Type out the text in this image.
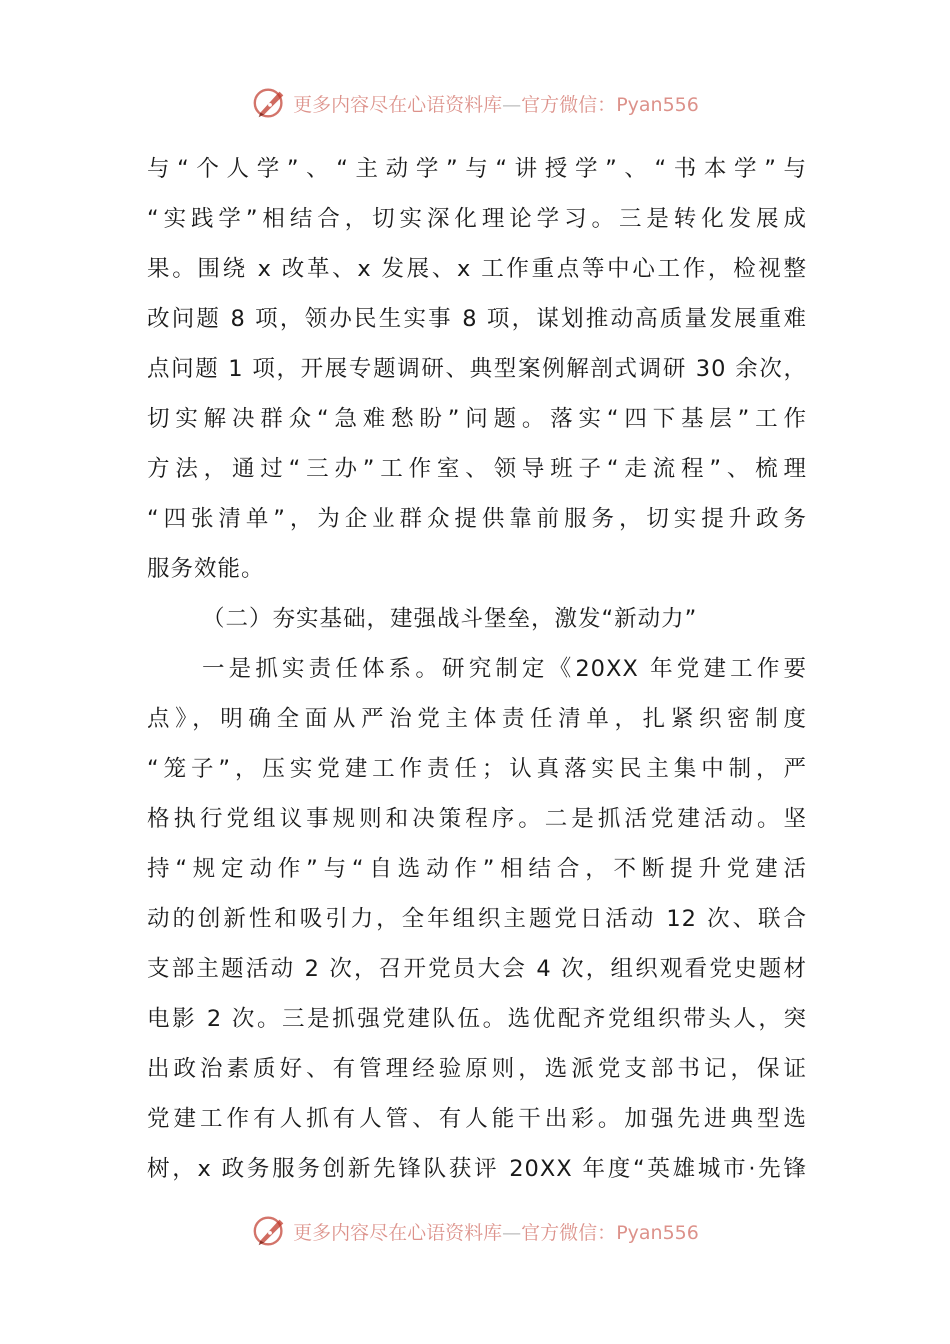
更多内容尽在心语资料库—官方微信：Pyan556
与“个人学”、“主动学”与“讲授学”、“书本学”与
“实践学”相结合，切实深化理论学习。三是转化发展成
果。围绕 x 改革、x 发展、x 工作重点等中心工作，检视整
改问题 8 项，领办民生实事 8 项，谋划推动高质量发展重难
点问题 1 项，开展专题调研、典型案例解剖式调研 30 余次，
切实解决群众“急难愁盼”问题。落实“四下基层”工作
方法，通过“三办”工作室、领导班子“走流程”、梳理
“四张清单”，为企业群众提供靠前服务，切实提升政务
服务效能。
（二）夯实基础，建强战斗堡垒，激发“新动力”
一是抓实责任体系。研究制定《20XX 年党建工作要
点》，明确全面从严治党主体责任清单，扎紧织密制度
“笼子”，压实党建工作责任；认真落实民主集中制，严
格执行党组议事规则和决策程序。二是抓活党建活动。坚
持“规定动作”与“自选动作”相结合，不断提升党建活
动的创新性和吸引力，全年组织主题党日活动 12 次、联合
支部主题活动 2 次，召开党员大会 4 次，组织观看党史题材
电影 2 次。三是抓强党建队伍。选优配齐党组织带头人，突
出政治素质好、有管理经验原则，选派党支部书记，保证
党建工作有人抓有人管、有人能干出彩。加强先进典型选
树，x 政务服务创新先锋队获评 20XX 年度“英雄城市·先锋
更多内容尽在心语资料库—官方微信：Pyan556
